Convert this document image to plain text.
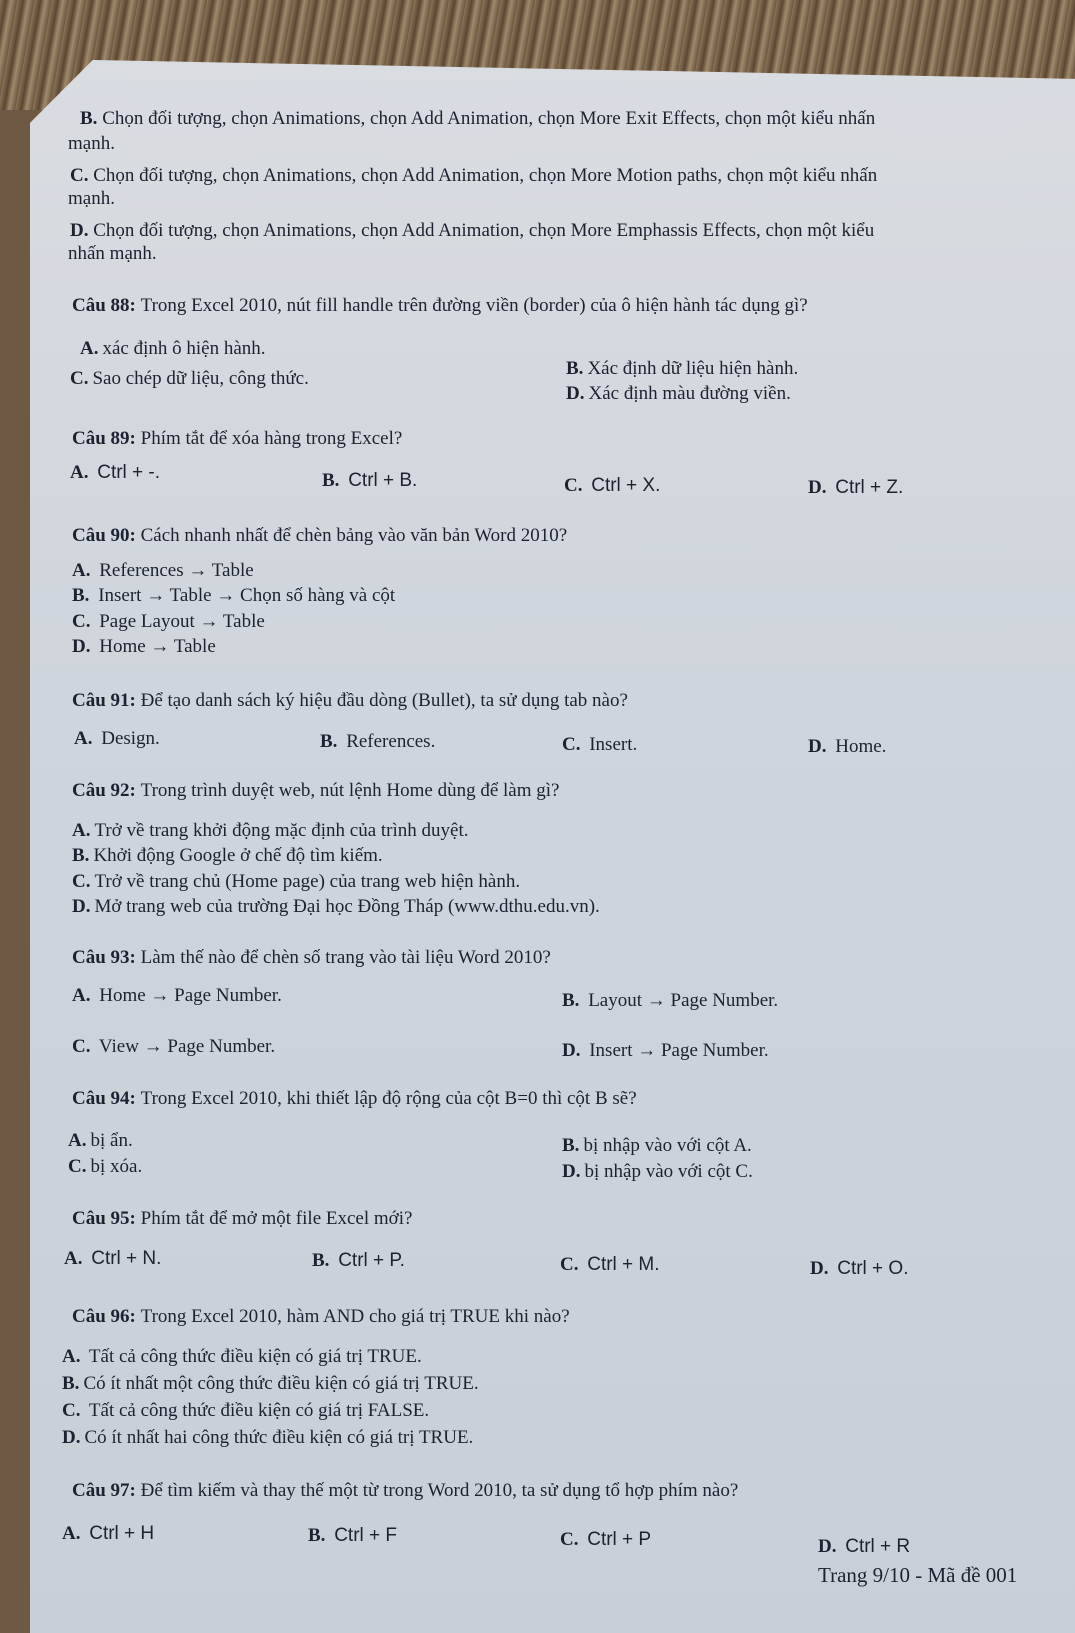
B. Chọn đối tượng, chọn Animations, chọn Add Animation, chọn More Exit Effects, chọn một kiểu nhấn
mạnh.
C. Chọn đối tượng, chọn Animations, chọn Add Animation, chọn More Motion paths, chọn một kiểu nhấn
mạnh.
D. Chọn đối tượng, chọn Animations, chọn Add Animation, chọn More Emphassis Effects, chọn một kiểu
nhấn mạnh.
Câu 88: Trong Excel 2010, nút fill handle trên đường viền (border) của ô hiện hành tác dụng gì?
A. xác định ô hiện hành.
B. Xác định dữ liệu hiện hành.
C. Sao chép dữ liệu, công thức.
D. Xác định màu đường viền.
Câu 89: Phím tắt để xóa hàng trong Excel?
A. Ctrl + -.	B. Ctrl + B.	C. Ctrl + X.	D. Ctrl + Z.
Câu 90: Cách nhanh nhất để chèn bảng vào văn bản Word 2010?
A. References → Table
B. Insert → Table → Chọn số hàng và cột
C. Page Layout → Table
D. Home → Table
Câu 91: Để tạo danh sách ký hiệu đầu dòng (Bullet), ta sử dụng tab nào?
A. Design.	B. References.	C. Insert.	D. Home.
Câu 92: Trong trình duyệt web, nút lệnh Home dùng để làm gì?
A. Trở về trang khởi động mặc định của trình duyệt.
B. Khởi động Google ở chế độ tìm kiếm.
C. Trở về trang chủ (Home page) của trang web hiện hành.
D. Mở trang web của trường Đại học Đồng Tháp (www.dthu.edu.vn).
Câu 93: Làm thế nào để chèn số trang vào tài liệu Word 2010?
A. Home → Page Number.	B. Layout → Page Number.
C. View → Page Number.	D. Insert → Page Number.
Câu 94: Trong Excel 2010, khi thiết lập độ rộng của cột B=0 thì cột B sẽ?
A. bị ẩn.	B. bị nhập vào với cột A.
C. bị xóa.	D. bị nhập vào với cột C.
Câu 95: Phím tắt để mở một file Excel mới?
A. Ctrl + N.	B. Ctrl + P.	C. Ctrl + M.	D. Ctrl + O.
Câu 96: Trong Excel 2010, hàm AND cho giá trị TRUE khi nào?
A. Tất cả công thức điều kiện có giá trị TRUE.
B. Có ít nhất một công thức điều kiện có giá trị TRUE.
C. Tất cả công thức điều kiện có giá trị FALSE.
D. Có ít nhất hai công thức điều kiện có giá trị TRUE.
Câu 97: Để tìm kiếm và thay thế một từ trong Word 2010, ta sử dụng tổ hợp phím nào?
A. Ctrl + H	B. Ctrl + F	C. Ctrl + P	D. Ctrl + R
Trang 9/10 - Mã đề 001
